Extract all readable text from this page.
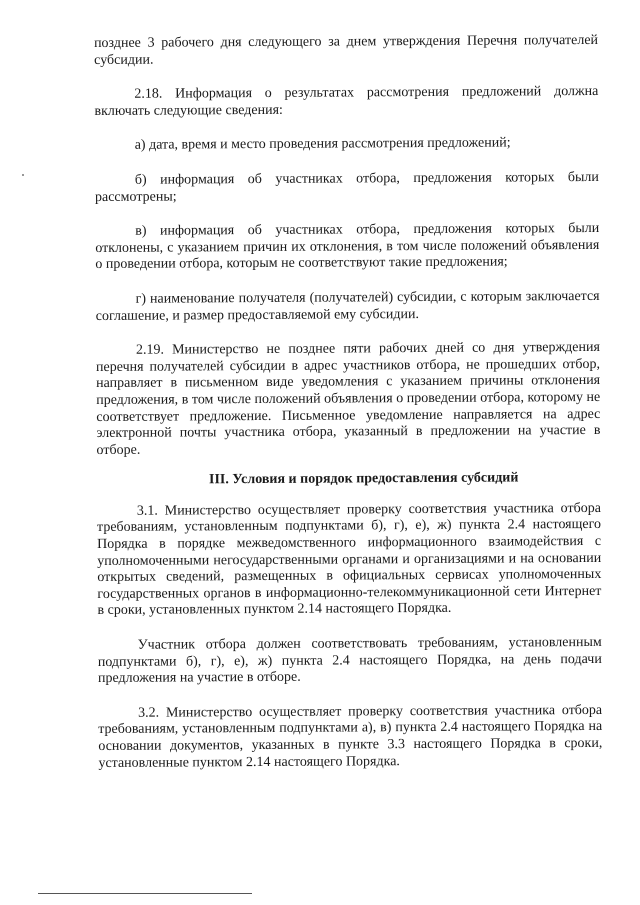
позднее 3 рабочего дня следующего за днем утверждения Перечня получателей субсидии.

2.18. Информация о результатах рассмотрения предложений должна включать следующие сведения:

а) дата, время и место проведения рассмотрения предложений;

б) информация об участниках отбора, предложения которых были рассмотрены;

в) информация об участниках отбора, предложения которых были отклонены, с указанием причин их отклонения, в том числе положений объявления о проведении отбора, которым не соответствуют такие предложения;

г) наименование получателя (получателей) субсидии, с которым заключается соглашение, и размер предоставляемой ему субсидии.

2.19. Министерство не позднее пяти рабочих дней со дня утверждения перечня получателей субсидии в адрес участников отбора, не прошедших отбор, направляет в письменном виде уведомления с указанием причины отклонения предложения, в том числе положений объявления о проведении отбора, которому не соответствует предложение. Письменное уведомление направляется на адрес электронной почты участника отбора, указанный в предложении на участие в отборе.

III. Условия и порядок предоставления субсидий

3.1. Министерство осуществляет проверку соответствия участника отбора требованиям, установленным подпунктами б), г), е), ж) пункта 2.4 настоящего Порядка в порядке межведомственного информационного взаимодействия с уполномоченными негосударственными органами и организациями и на основании открытых сведений, размещенных в официальных сервисах уполномоченных государственных органов в информационно-телекоммуникационной сети Интернет в сроки, установленных пунктом 2.14 настоящего Порядка.

Участник отбора должен соответствовать требованиям, установленным подпунктами б), г), е), ж) пункта 2.4 настоящего Порядка, на день подачи предложения на участие в отборе.

3.2. Министерство осуществляет проверку соответствия участника отбора требованиям, установленным подпунктами а), в) пункта 2.4 настоящего Порядка на основании документов, указанных в пункте 3.3 настоящего Порядка в сроки, установленные пунктом 2.14 настоящего Порядка.
